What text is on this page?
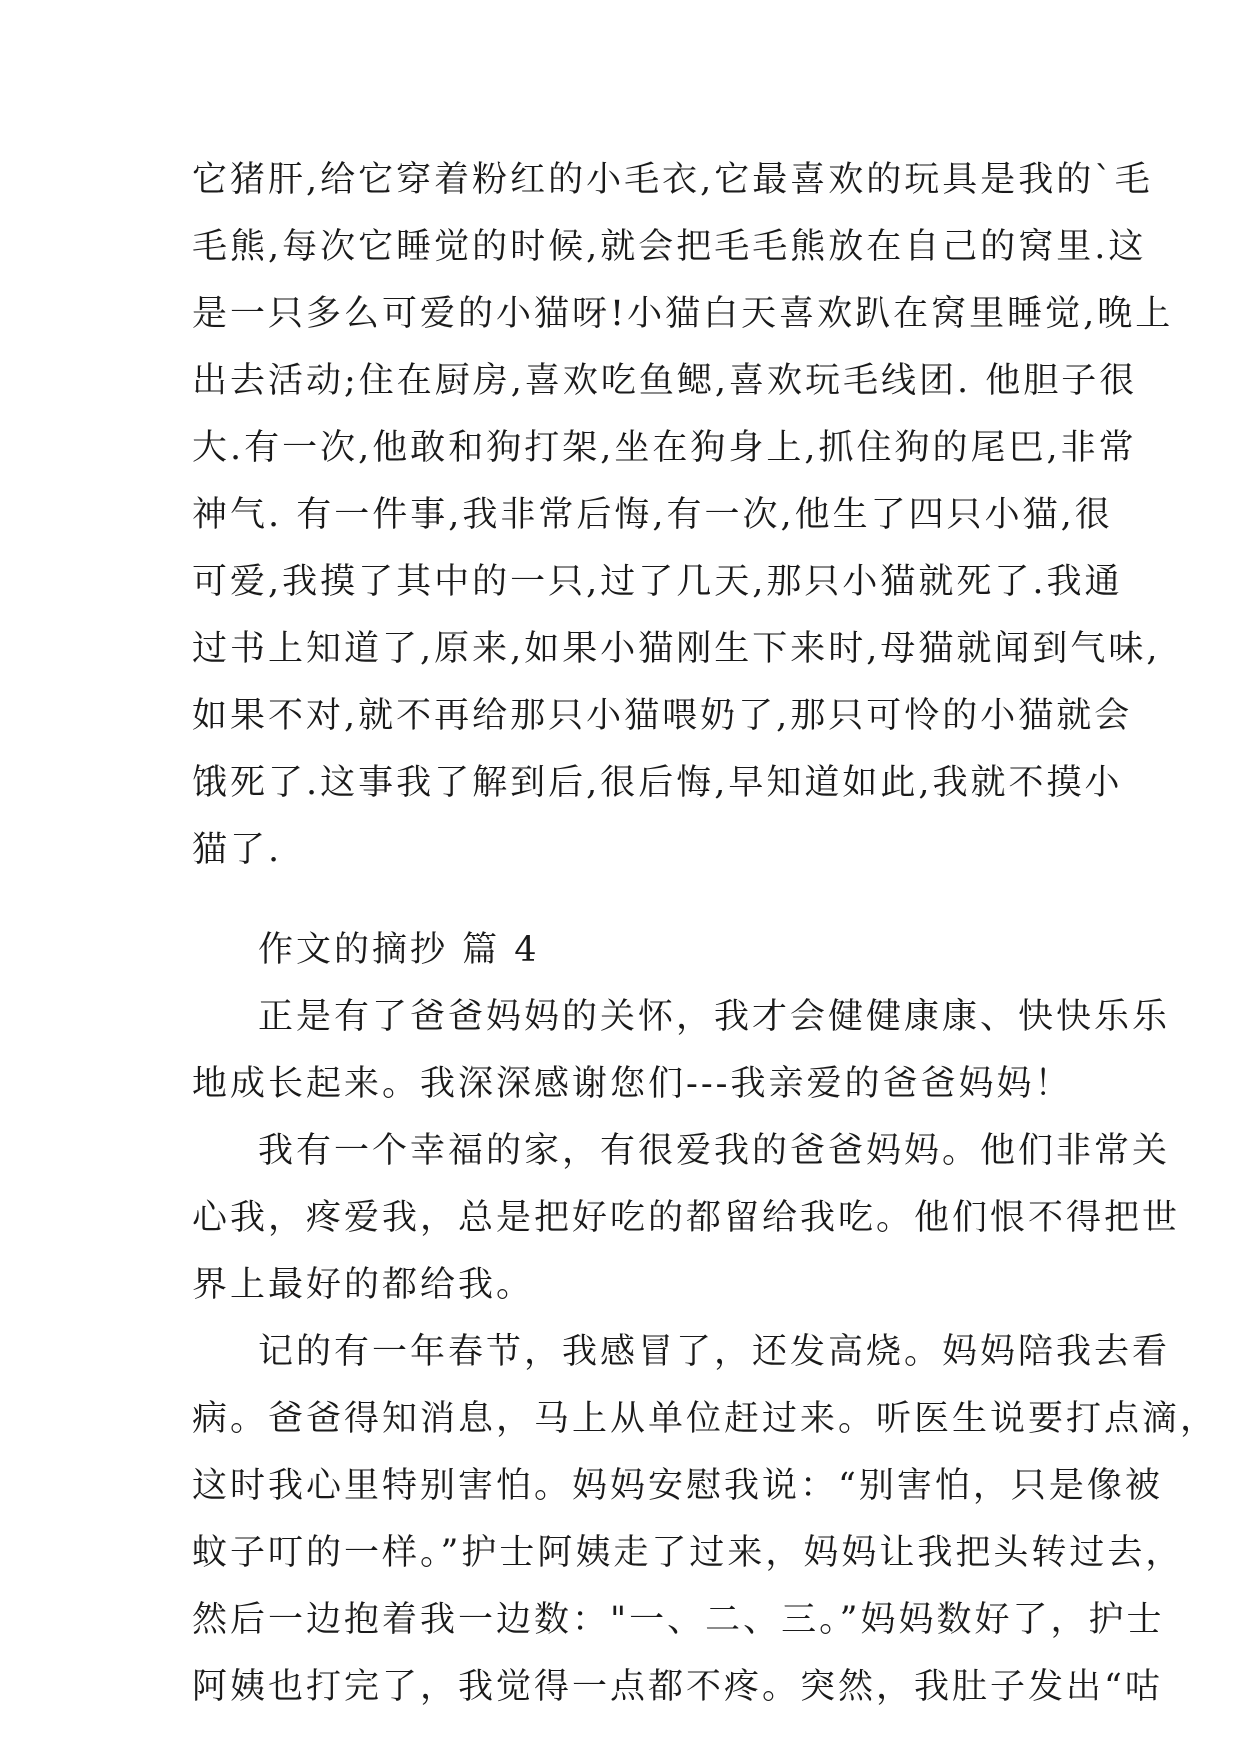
它猪肝,给它穿着粉红的小毛衣,它最喜欢的玩具是我的`毛
毛熊,每次它睡觉的时候,就会把毛毛熊放在自己的窝里.这
是一只多么可爱的小猫呀!小猫白天喜欢趴在窝里睡觉,晚上
出去活动;住在厨房,喜欢吃鱼鳃,喜欢玩毛线团. 他胆子很
大.有一次,他敢和狗打架,坐在狗身上,抓住狗的尾巴,非常
神气. 有一件事,我非常后悔,有一次,他生了四只小猫,很
可爱,我摸了其中的一只,过了几天,那只小猫就死了.我通
过书上知道了,原来,如果小猫刚生下来时,母猫就闻到气味,
如果不对,就不再给那只小猫喂奶了,那只可怜的小猫就会
饿死了.这事我了解到后,很后悔,早知道如此,我就不摸小
猫了.
作文的摘抄 篇 4
正是有了爸爸妈妈的关怀，我才会健健康康、快快乐乐
地成长起来。我深深感谢您们---我亲爱的爸爸妈妈！
我有一个幸福的家，有很爱我的爸爸妈妈。他们非常关
心我，疼爱我，总是把好吃的都留给我吃。他们恨不得把世
界上最好的都给我。
记的有一年春节，我感冒了，还发高烧。妈妈陪我去看
病。爸爸得知消息，马上从单位赶过来。听医生说要打点滴，
这时我心里特别害怕。妈妈安慰我说：“别害怕，只是像被
蚊子叮的一样。”护士阿姨走了过来，妈妈让我把头转过去，
然后一边抱着我一边数："一、二、三。”妈妈数好了，护士
阿姨也打完了，我觉得一点都不疼。突然，我肚子发出“咕
